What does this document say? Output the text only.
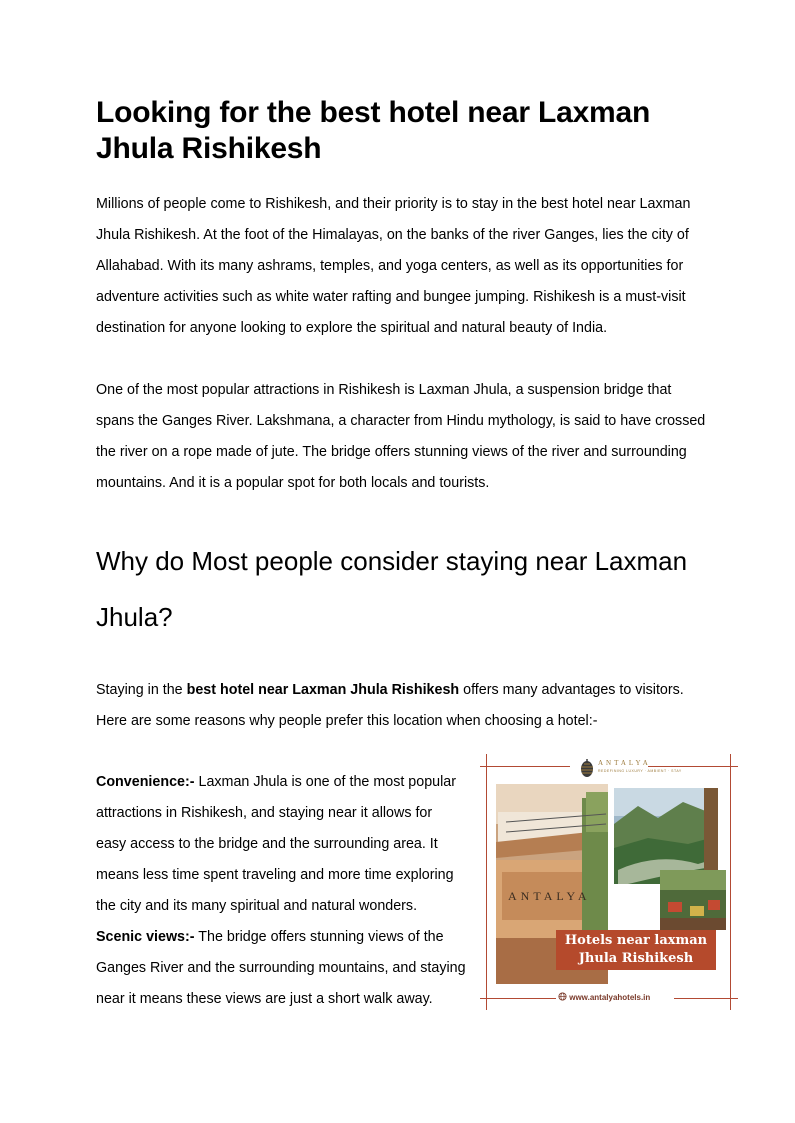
Looking for the best hotel near Laxman Jhula Rishikesh

Millions of people come to Rishikesh, and their priority is to stay in the best hotel near Laxman Jhula Rishikesh. At the foot of the Himalayas, on the banks of the river Ganges, lies the city of Allahabad. With its many ashrams, temples, and yoga centers, as well as its opportunities for adventure activities such as white water rafting and bungee jumping. Rishikesh is a must-visit destination for anyone looking to explore the spiritual and natural beauty of India.

One of the most popular attractions in Rishikesh is Laxman Jhula, a suspension bridge that spans the Ganges River. Lakshmana, a character from Hindu mythology, is said to have crossed the river on a rope made of jute. The bridge offers stunning views of the river and surrounding mountains. And it is a popular spot for both locals and tourists.

Why do Most people consider staying near Laxman Jhula?

Staying in the best hotel near Laxman Jhula Rishikesh offers many advantages to visitors. Here are some reasons why people prefer this location when choosing a hotel:-

Convenience:- Laxman Jhula is one of the most popular attractions in Rishikesh, and staying near it allows for easy access to the bridge and the surrounding area. It means less time spent traveling and more time exploring the city and its many spiritual and natural wonders.
Scenic views:- The bridge offers stunning views of the Ganges River and the surrounding mountains, and staying near it means these views are just a short walk away.

ANTALYA
REDEFINING LUXURY · AMBIENT · STAY
ANTALYA
Hotels near laxman Jhula Rishikesh
www.antalyahotels.in
